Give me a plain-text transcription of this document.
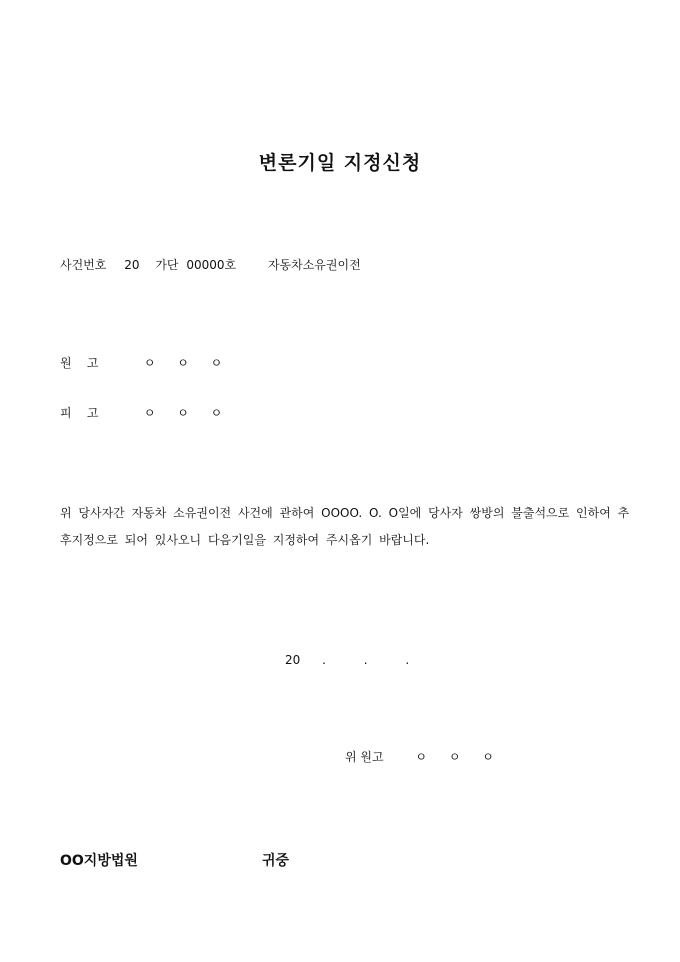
변론기일 지정신청
사건번호 20 가단 00000호	자동차소유권이전
원    고	ㅇ ㅇ ㅇ
피    고	ㅇ ㅇ ㅇ
위 당사자간 자동차 소유권이전 사건에 관하여 OOOO. O. O일에 당사자 쌍방의 불출석으로 인하여 추후지정으로 되어 있사오니 다음기일을 지정하여 주시옵기 바랍니다.
20 .	.	.
위 원고	ㅇ ㅇ ㅇ
OO지방법원	귀중
